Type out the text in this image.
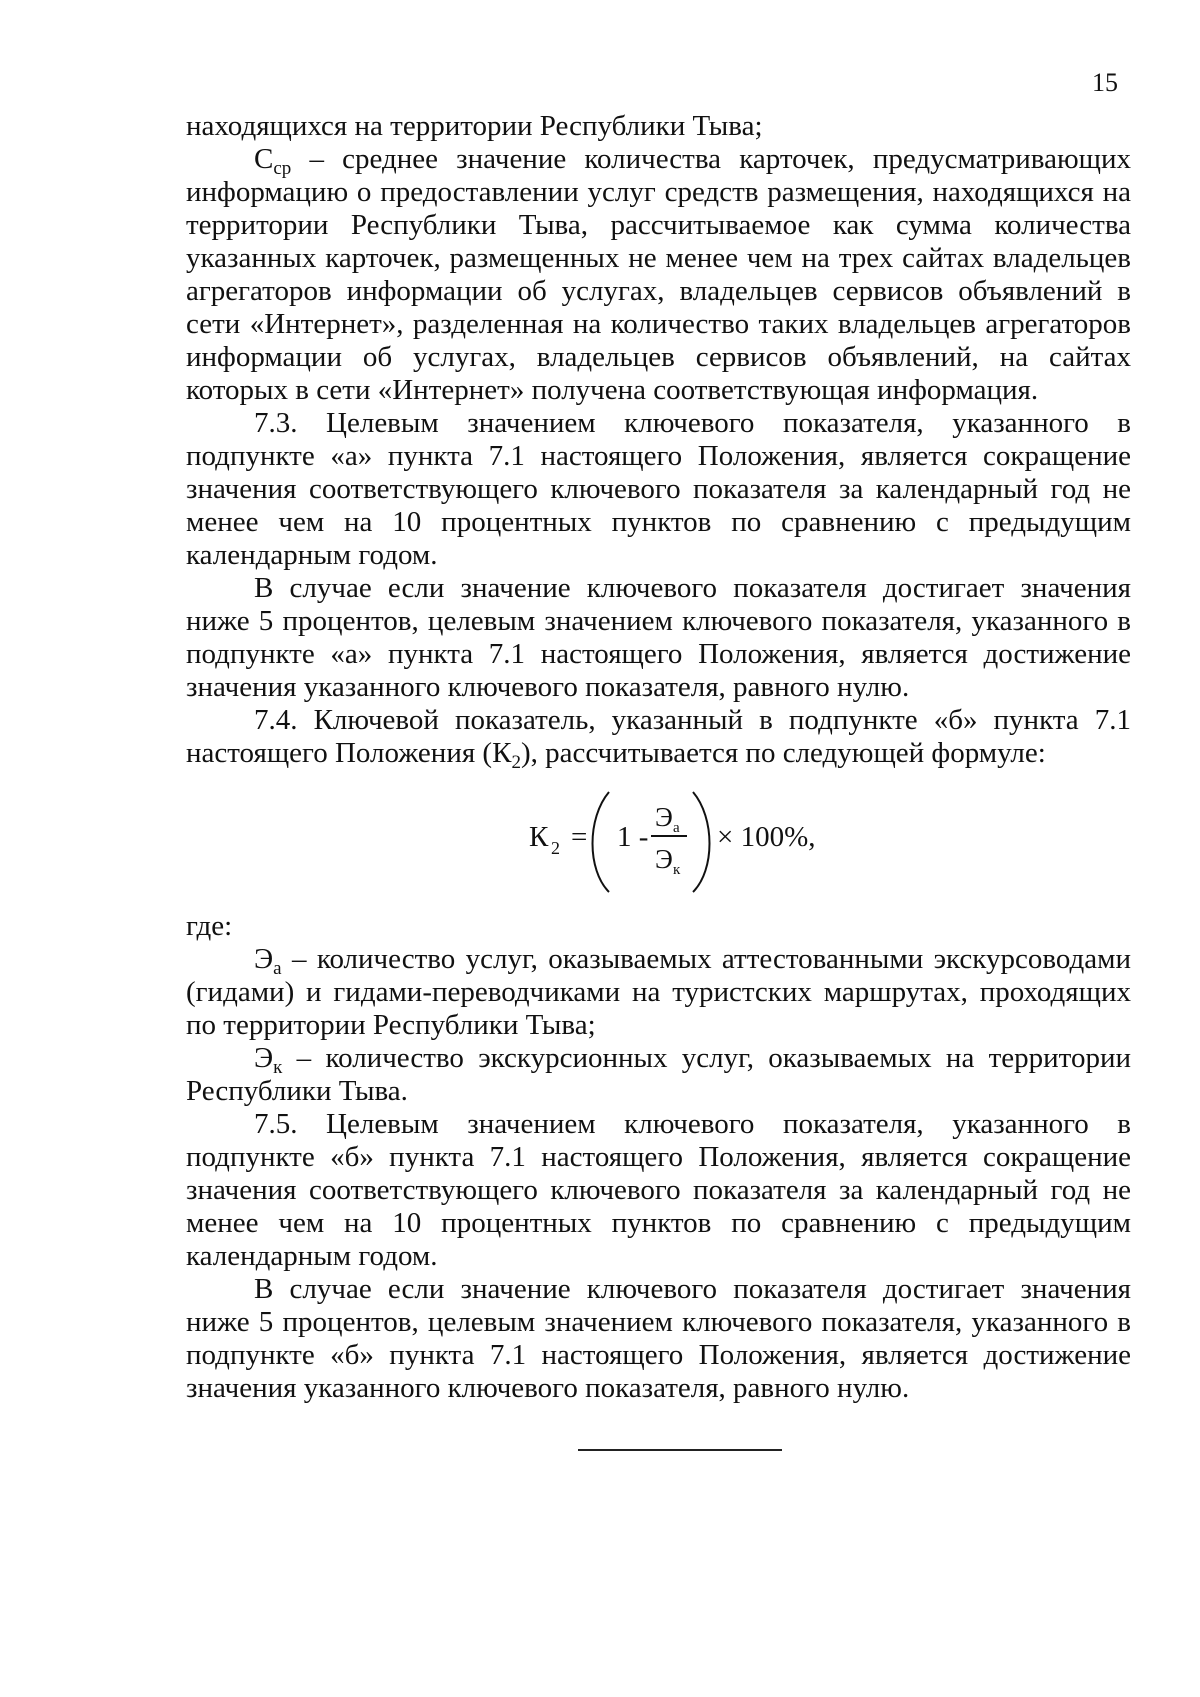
15

находящихся на территории Республики Тыва;

$С_{ср}$ – среднее значение количества карточек, предусматривающих информацию о предоставлении услуг средств размещения, находящихся на территории Республики Тыва, рассчитываемое как сумма количества указанных карточек, размещенных не менее чем на трех сайтах владельцев агрегаторов информации об услугах, владельцев сервисов объявлений в сети «Интернет», разделенная на количество таких владельцев агрегаторов информации об услугах, владельцев сервисов объявлений, на сайтах которых в сети «Интернет» получена соответствующая информация.

7.3. Целевым значением ключевого показателя, указанного в подпункте «а» пункта 7.1 настоящего Положения, является сокращение значения соответствующего ключевого показателя за календарный год не менее чем на 10 процентных пунктов по сравнению с предыдущим календарным годом.

В случае если значение ключевого показателя достигает значения ниже 5 процентов, целевым значением ключевого показателя, указанного в подпункте «а» пункта 7.1 настоящего Положения, является достижение значения указанного ключевого показателя, равного нулю.

7.4. Ключевой показатель, указанный в подпункте «б» пункта 7.1 настоящего Положения $(К_2)$, рассчитывается по следующей формуле:

К 2 = 1 -
Э а
Э к
× 100%,

где:

$Э_а$ – количество услуг, оказываемых аттестованными экскурсоводами (гидами) и гидами-переводчиками на туристских маршрутах, проходящих по территории Республики Тыва;

$Э_к$ – количество экскурсионных услуг, оказываемых на территории Республики Тыва.

7.5. Целевым значением ключевого показателя, указанного в подпункте «б» пункта 7.1 настоящего Положения, является сокращение значения соответствующего ключевого показателя за календарный год не менее чем на 10 процентных пунктов по сравнению с предыдущим календарным годом.

В случае если значение ключевого показателя достигает значения ниже 5 процентов, целевым значением ключевого показателя, указанного в подпункте «б» пункта 7.1 настоящего Положения, является достижение значения указанного ключевого показателя, равного нулю.
